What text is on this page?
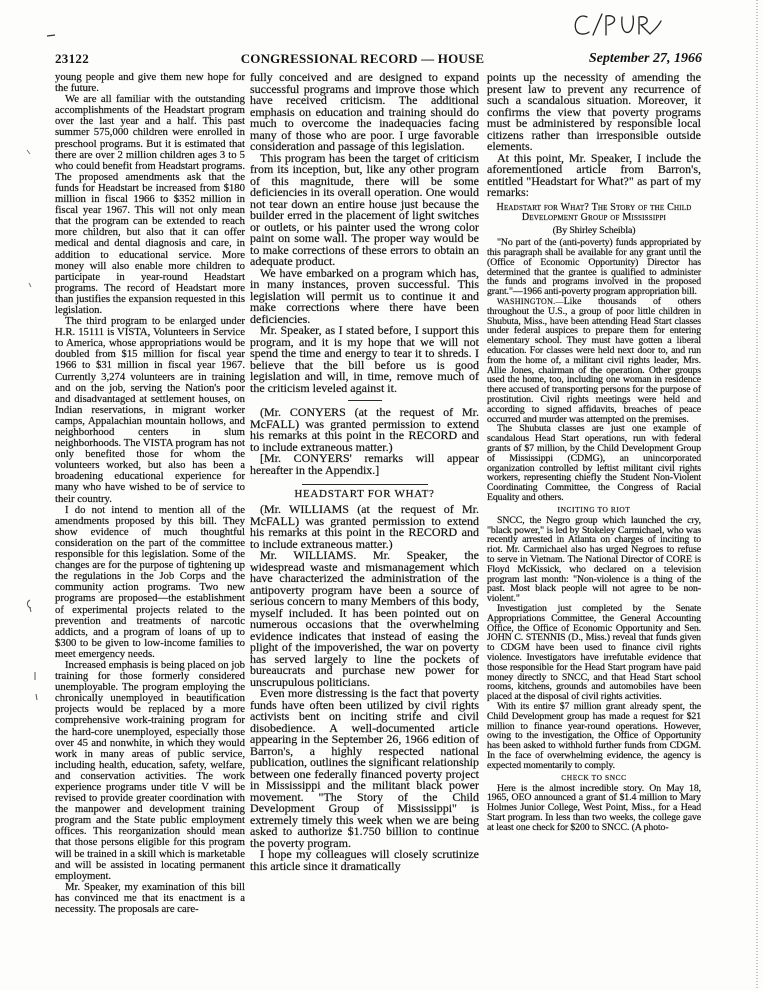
23122	CONGRESSIONAL RECORD — HOUSE	September 27, 1966

young people and give them new hope for the future.

We are all familiar with the outstanding accomplishments of the Headstart program over the last year and a half. This past summer 575,000 children were enrolled in preschool programs. But it is estimated that there are over 2 million children ages 3 to 5 who could benefit from Headstart programs. The proposed amendments ask that the funds for Headstart be increased from $180 million in fiscal 1966 to $352 million in fiscal year 1967. This will not only mean that the program can be extended to reach more children, but also that it can offer medical and dental diagnosis and care, in addition to educational service. More money will also enable more children to participate in year-round Headstart programs. The record of Headstart more than justifies the expansion requested in this legislation.

The third program to be enlarged under H.R. 15111 is VISTA, Volunteers in Service to America, whose appropriations would be doubled from $15 million for fiscal year 1966 to $31 million in fiscal year 1967. Currently 3,274 volunteers are in training and on the job, serving the Nation's poor and disadvantaged at settlement houses, on Indian reservations, in migrant worker camps, Appalachian mountain hollows, and neighborhood centers in slum neighborhoods. The VISTA program has not only benefited those for whom the volunteers worked, but also has been a broadening educational experience for many who have wished to be of service to their country.

I do not intend to mention all of the amendments proposed by this bill. They show evidence of much thoughtful consideration on the part of the committee responsible for this legislation. Some of the changes are for the purpose of tightening up the regulations in the Job Corps and the community action programs. Two new programs are proposed—the establishment of experimental projects related to the prevention and treatments of narcotic addicts, and a program of loans of up to $300 to be given to low-income families to meet emergency needs.

Increased emphasis is being placed on job training for those formerly considered unemployable. The program employing the chronically unemployed in beautification projects would be replaced by a more comprehensive work-training program for the hard-core unemployed, especially those over 45 and nonwhite, in which they would work in many areas of public service, including health, education, safety, welfare, and conservation activities. The work experience programs under title V will be revised to provide greater coordination with the manpower and development training program and the State public employment offices. This reorganization should mean that those persons eligible for this program will be trained in a skill which is marketable and will be assisted in locating permanent employment.

Mr. Speaker, my examination of this bill has convinced me that its enactment is a necessity. The proposals are care-

fully conceived and are designed to expand successful programs and improve those which have received criticism. The additional emphasis on education and training should do much to overcome the inadequacies facing many of those who are poor. I urge favorable consideration and passage of this legislation.

This program has been the target of criticism from its inception, but, like any other program of this magnitude, there will be some deficiencies in its overall operation. One would not tear down an entire house just because the builder erred in the placement of light switches or outlets, or his painter used the wrong color paint on some wall. The proper way would be to make corrections of these errors to obtain an adequate product.

We have embarked on a program which has, in many instances, proven successful. This legislation will permit us to continue it and make corrections where there have been deficiencies.

Mr. Speaker, as I stated before, I support this program, and it is my hope that we will not spend the time and energy to tear it to shreds. I believe that the bill before us is good legislation and will, in time, remove much of the criticism leveled against it.

(Mr. CONYERS (at the request of Mr. McFALL) was granted permission to extend his remarks at this point in the RECORD and to include extraneous matter.)

[Mr. CONYERS' remarks will appear hereafter in the Appendix.]

HEADSTART FOR WHAT?

(Mr. WILLIAMS (at the request of Mr. McFALL) was granted permission to extend his remarks at this point in the RECORD and to include extraneous matter.)

Mr. WILLIAMS. Mr. Speaker, the widespread waste and mismanagement which have characterized the administration of the antipoverty program have been a source of serious concern to many Members of this body, myself included. It has been pointed out on numerous occasions that the overwhelming evidence indicates that instead of easing the plight of the impoverished, the war on poverty has served largely to line the pockets of bureaucrats and purchase new power for unscrupulous politicians.

Even more distressing is the fact that poverty funds have often been utilized by civil rights activists bent on inciting strife and civil disobedience. A well-documented article appearing in the September 26, 1966 edition of Barron's, a highly respected national publication, outlines the significant relationship between one federally financed poverty project in Mississippi and the militant black power movement. "The Story of the Child Development Group of Mississippi" is extremely timely this week when we are being asked to authorize $1.750 billion to continue the poverty program.

I hope my colleagues will closely scrutinize this article since it dramatically

points up the necessity of amending the present law to prevent any recurrence of such a scandalous situation. Moreover, it confirms the view that poverty programs must be administered by responsible local citizens rather than irresponsible outside elements.

At this point, Mr. Speaker, I include the aforementioned article from Barron's, entitled "Headstart for What?" as part of my remarks:

Headstart for What? The Story of the Child Development Group of Mississippi

(By Shirley Scheibla)

"No part of the (anti-poverty) funds appropriated by this paragraph shall be available for any grant until the (Office of Economic Opportunity) Director has determined that the grantee is qualified to administer the funds and programs involved in the proposed grant."—1966 anti-poverty program appropriation bill.

WASHINGTON.—Like thousands of others throughout the U.S., a group of poor little children in Shubuta, Miss., have been attending Head Start classes under federal auspices to prepare them for entering elementary school. They must have gotten a liberal education. For classes were held next door to, and run from the home of, a militant civil rights leader, Mrs. Allie Jones, chairman of the operation. Other groups used the home, too, including one woman in residence there accused of transporting persons for the purpose of prostitution. Civil rights meetings were held and according to signed affidavits, breaches of peace occurred and murder was attempted on the premises.

The Shubuta classes are just one example of scandalous Head Start operations, run with federal grants of $7 million, by the Child Development Group of Mississippi (CDMG), an unincorporated organization controlled by leftist militant civil rights workers, representing chiefly the Student Non-Violent Coordinating Committee, the Congress of Racial Equality and others.

INCITING TO RIOT

SNCC, the Negro group which launched the cry, "black power," is led by Stokeley Carmichael, who was recently arrested in Atlanta on charges of inciting to riot. Mr. Carmichael also has urged Negroes to refuse to serve in Vietnam. The National Director of CORE is Floyd McKissick, who declared on a television program last month: "Non-violence is a thing of the past. Most black people will not agree to be non-violent."

Investigation just completed by the Senate Appropriations Committee, the General Accounting Office, the Office of Economic Opportunity and Sen. JOHN C. STENNIS (D., Miss.) reveal that funds given to CDGM have been used to finance civil rights violence. Investigators have irrefutable evidence that those responsible for the Head Start program have paid money directly to SNCC, and that Head Start school rooms, kitchens, grounds and automobiles have been placed at the disposal of civil rights activities.

With its entire $7 million grant already spent, the Child Development group has made a request for $21 million to finance year-round operations. However, owing to the investigation, the Office of Opportunity has been asked to withhold further funds from CDGM. In the face of overwhelming evidence, the agency is expected momentarily to comply.

CHECK TO SNCC

Here is the almost incredible story. On May 18, 1965, OEO announced a grant of $1.4 million to Mary Holmes Junior College, West Point, Miss., for a Head Start program. In less than two weeks, the college gave at least one check for $200 to SNCC. (A photo-
